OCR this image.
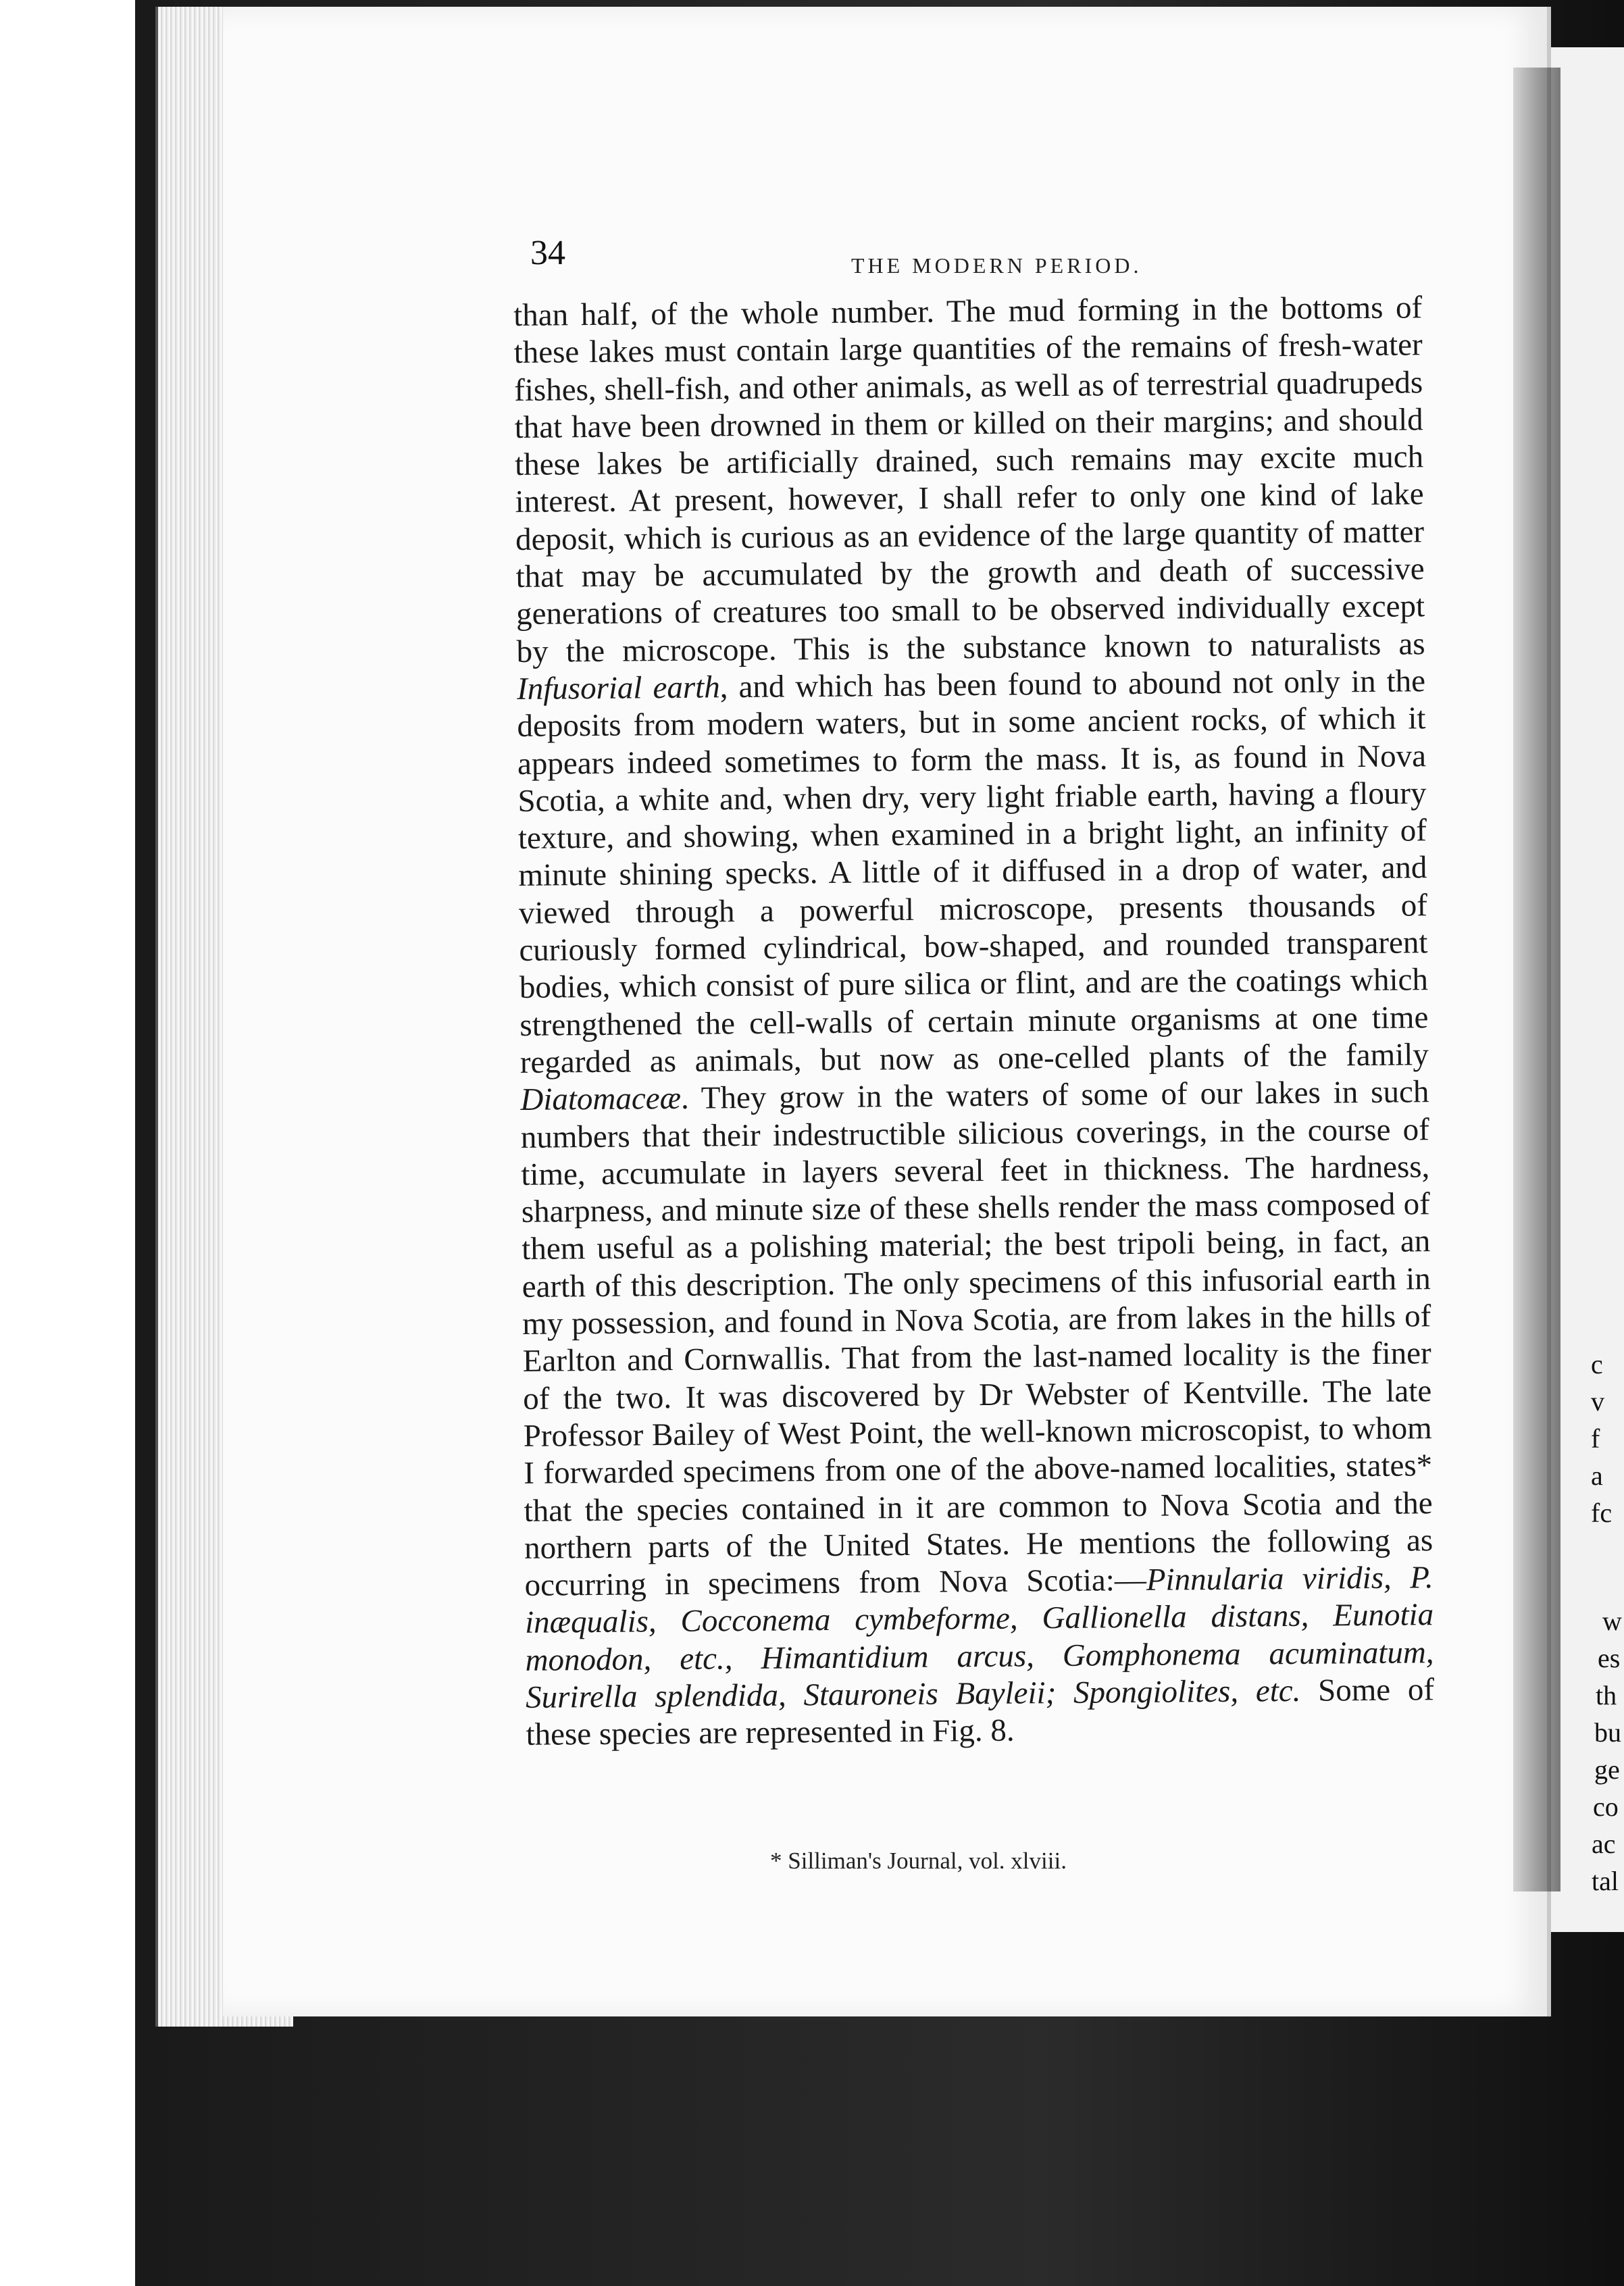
34	THE MODERN PERIOD.

than half, of the whole number. The mud forming in the bottoms of these lakes must contain large quantities of the remains of fresh-water fishes, shell-fish, and other animals, as well as of terrestrial quadrupeds that have been drowned in them or killed on their margins; and should these lakes be artificially drained, such remains may excite much interest. At present, however, I shall refer to only one kind of lake deposit, which is curious as an evidence of the large quantity of matter that may be accumulated by the growth and death of successive generations of creatures too small to be observed individually except by the microscope. This is the substance known to naturalists as Infusorial earth, and which has been found to abound not only in the deposits from modern waters, but in some ancient rocks, of which it appears indeed sometimes to form the mass. It is, as found in Nova Scotia, a white and, when dry, very light friable earth, having a floury texture, and showing, when examined in a bright light, an infinity of minute shining specks. A little of it diffused in a drop of water, and viewed through a powerful microscope, presents thousands of curiously formed cylindrical, bow-shaped, and rounded transparent bodies, which consist of pure silica or flint, and are the coatings which strengthened the cell-walls of certain minute organisms at one time regarded as animals, but now as one-celled plants of the family Diatomaceæ. They grow in the waters of some of our lakes in such numbers that their indestructible silicious coverings, in the course of time, accumulate in layers several feet in thickness. The hardness, sharpness, and minute size of these shells render the mass composed of them useful as a polishing material; the best tripoli being, in fact, an earth of this description. The only specimens of this infusorial earth in my possession, and found in Nova Scotia, are from lakes in the hills of Earlton and Cornwallis. That from the last-named locality is the finer of the two. It was discovered by Dr Webster of Kentville. The late Professor Bailey of West Point, the well-known microscopist, to whom I forwarded specimens from one of the above-named localities, states* that the species contained in it are common to Nova Scotia and the northern parts of the United States. He mentions the following as occurring in specimens from Nova Scotia:—Pinnularia viridis, P. inæqualis, Cocconema cymbeforme, Gallionella distans, Eunotia monodon, etc., Himantidium arcus, Gomphonema acuminatum, Surirella splendida, Stauroneis Bayleii; Spongiolites, etc. Some of these species are represented in Fig. 8.

* Silliman's Journal, vol. xlviii.
c
v
f
a
fc
w
es
th
bu
ge
co
ac
tal
